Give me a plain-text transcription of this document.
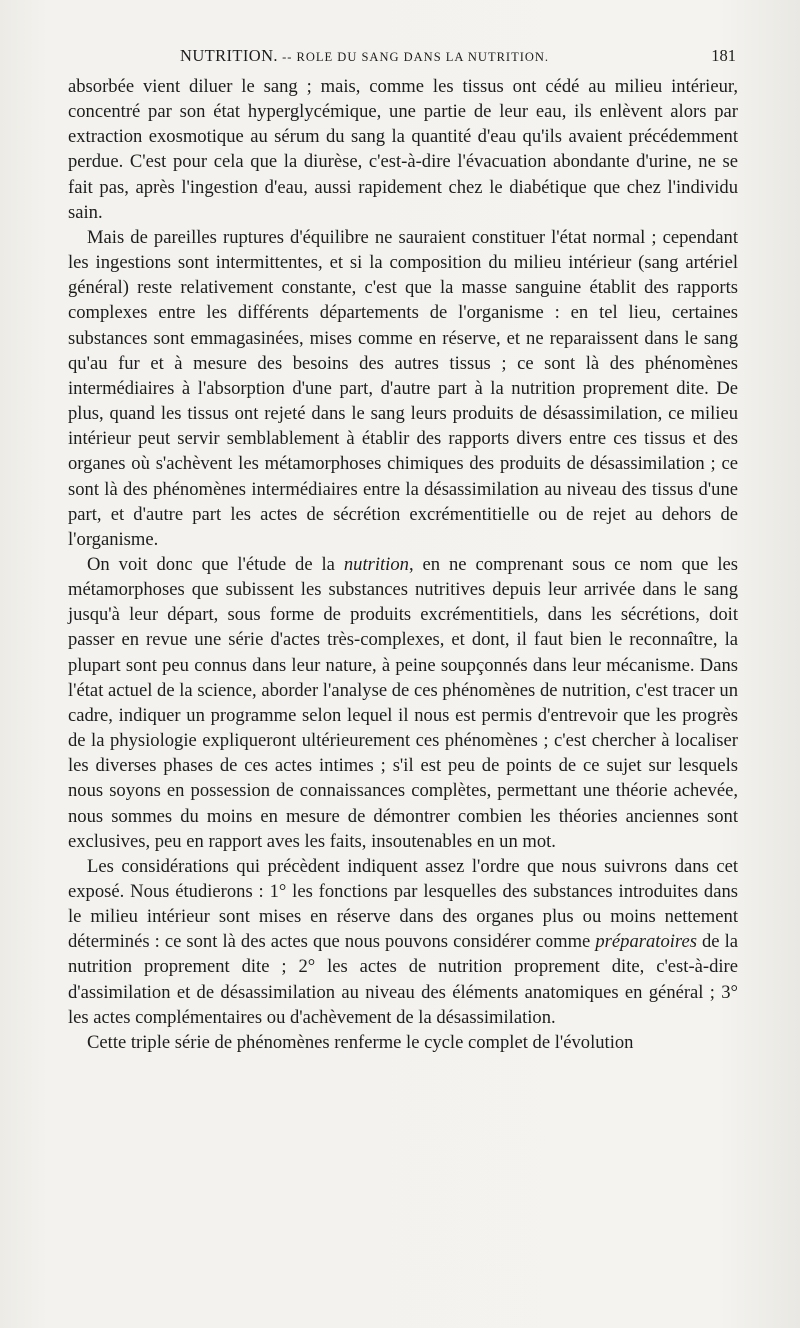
NUTRITION. -- ROLE DU SANG DANS LA NUTRITION.	181

absorbée vient diluer le sang ; mais, comme les tissus ont cédé au milieu intérieur, concentré par son état hyperglycémique, une partie de leur eau, ils enlèvent alors par extraction exosmotique au sérum du sang la quantité d'eau qu'ils avaient précédemment perdue. C'est pour cela que la diurèse, c'est-à-dire l'évacuation abondante d'urine, ne se fait pas, après l'ingestion d'eau, aussi rapidement chez le diabétique que chez l'individu sain.

Mais de pareilles ruptures d'équilibre ne sauraient constituer l'état normal ; cependant les ingestions sont intermittentes, et si la composition du milieu intérieur (sang artériel général) reste relativement constante, c'est que la masse sanguine établit des rapports complexes entre les différents départements de l'organisme : en tel lieu, certaines substances sont emmagasinées, mises comme en réserve, et ne reparaissent dans le sang qu'au fur et à mesure des besoins des autres tissus ; ce sont là des phénomènes intermédiaires à l'absorption d'une part, d'autre part à la nutrition proprement dite. De plus, quand les tissus ont rejeté dans le sang leurs produits de désassimilation, ce milieu intérieur peut servir semblablement à établir des rapports divers entre ces tissus et des organes où s'achèvent les métamorphoses chimiques des produits de désassimilation ; ce sont là des phénomènes intermédiaires entre la désassimilation au niveau des tissus d'une part, et d'autre part les actes de sécrétion excrémentitielle ou de rejet au dehors de l'organisme.

On voit donc que l'étude de la nutrition, en ne comprenant sous ce nom que les métamorphoses que subissent les substances nutritives depuis leur arrivée dans le sang jusqu'à leur départ, sous forme de produits excrémentitiels, dans les sécrétions, doit passer en revue une série d'actes très-complexes, et dont, il faut bien le reconnaître, la plupart sont peu connus dans leur nature, à peine soupçonnés dans leur mécanisme. Dans l'état actuel de la science, aborder l'analyse de ces phénomènes de nutrition, c'est tracer un cadre, indiquer un programme selon lequel il nous est permis d'entrevoir que les progrès de la physiologie expliqueront ultérieurement ces phénomènes ; c'est chercher à localiser les diverses phases de ces actes intimes ; s'il est peu de points de ce sujet sur lesquels nous soyons en possession de connaissances complètes, permettant une théorie achevée, nous sommes du moins en mesure de démontrer combien les théories anciennes sont exclusives, peu en rapport aves les faits, insoutenables en un mot.

Les considérations qui précèdent indiquent assez l'ordre que nous suivrons dans cet exposé. Nous étudierons : 1° les fonctions par lesquelles des substances introduites dans le milieu intérieur sont mises en réserve dans des organes plus ou moins nettement déterminés : ce sont là des actes que nous pouvons considérer comme préparatoires de la nutrition proprement dite ; 2° les actes de nutrition proprement dite, c'est-à-dire d'assimilation et de désassimilation au niveau des éléments anatomiques en général ; 3° les actes complémentaires ou d'achèvement de la désassimilation.

Cette triple série de phénomènes renferme le cycle complet de l'évolution
